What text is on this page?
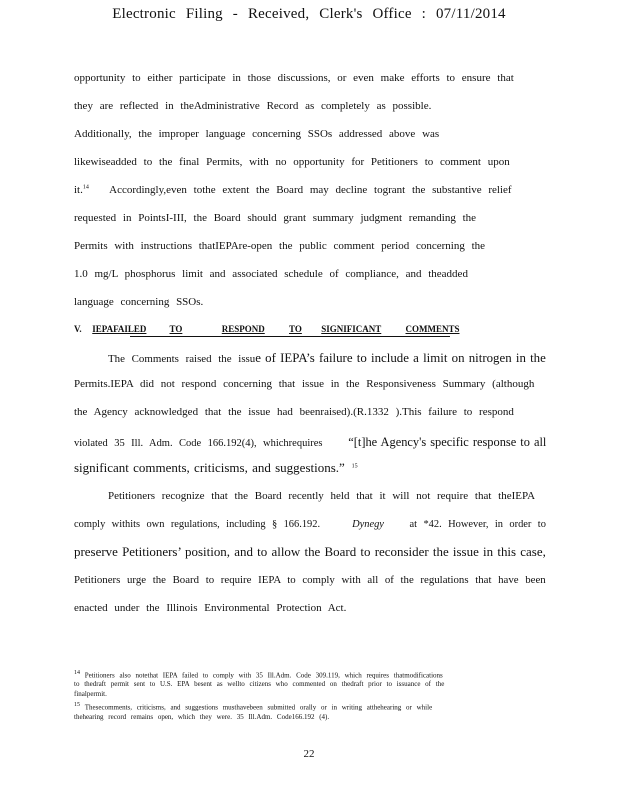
Electronic Filing - Received, Clerk's Office : 07/11/2014
opportunity to either participate in those discussions, or even make efforts to ensure that
they are reflected in theAdministrative Record as completely as possible.
Additionally, the improper language concerning SSOs addressed above was
likewiseadded to the final Permits, with no opportunity for Petitioners to comment upon
it.$^{14}$ Accordingly,even tothe extent the Board may decline togrant the substantive relief
requested in PointsI-III, the Board should grant summary judgment remanding the
Permits with instructions thatIEPAre-open the public comment period concerning the
1.0 mg/L phosphorus limit and associated schedule of compliance, and theadded
language concerning SSOs.
V. IEPAFAILED	TO	RESPOND	TO SIGNIFICANT	COMMENTS
The Comments raised the issue of IEPA’s failure to include a limit on nitrogen in the
Permits.IEPA did not respond concerning that issue in the Responsiveness Summary (although
the Agency acknowledged that the issue had beenraised).(R.1332 ).This failure to respond
violated 35 Ill. Adm. Code 166.192(4), whichrequires “[t]he Agency's specific response to all
significant comments, criticisms, and suggestions.” $^{15}$
Petitioners recognize that the Board recently held that it will not require that theIEPA
comply withits own regulations, including § 166.192.	Dynegy at *42. However, in order to
preserve Petitioners’ position, and to allow the Board to reconsider the issue in this case,
Petitioners urge the Board to require IEPA to comply with all of the regulations that have been
enacted under the Illinois Environmental Protection Act.
14 Petitioners also notethat IEPA failed to comply with 35 Ill.Adm. Code 309.119, which requires thatmodifications
to thedraft permit sent to U.S. EPA besent as wellto citizens who commented on thedraft prior to issuance of the
finalpermit.
15 Thesecomments, criticisms, and suggestions musthavebeen submitted orally or in writing atthehearing or while
thehearing record remains open, which they were. 35 Ill.Adm. Code166.192 (4).
22
